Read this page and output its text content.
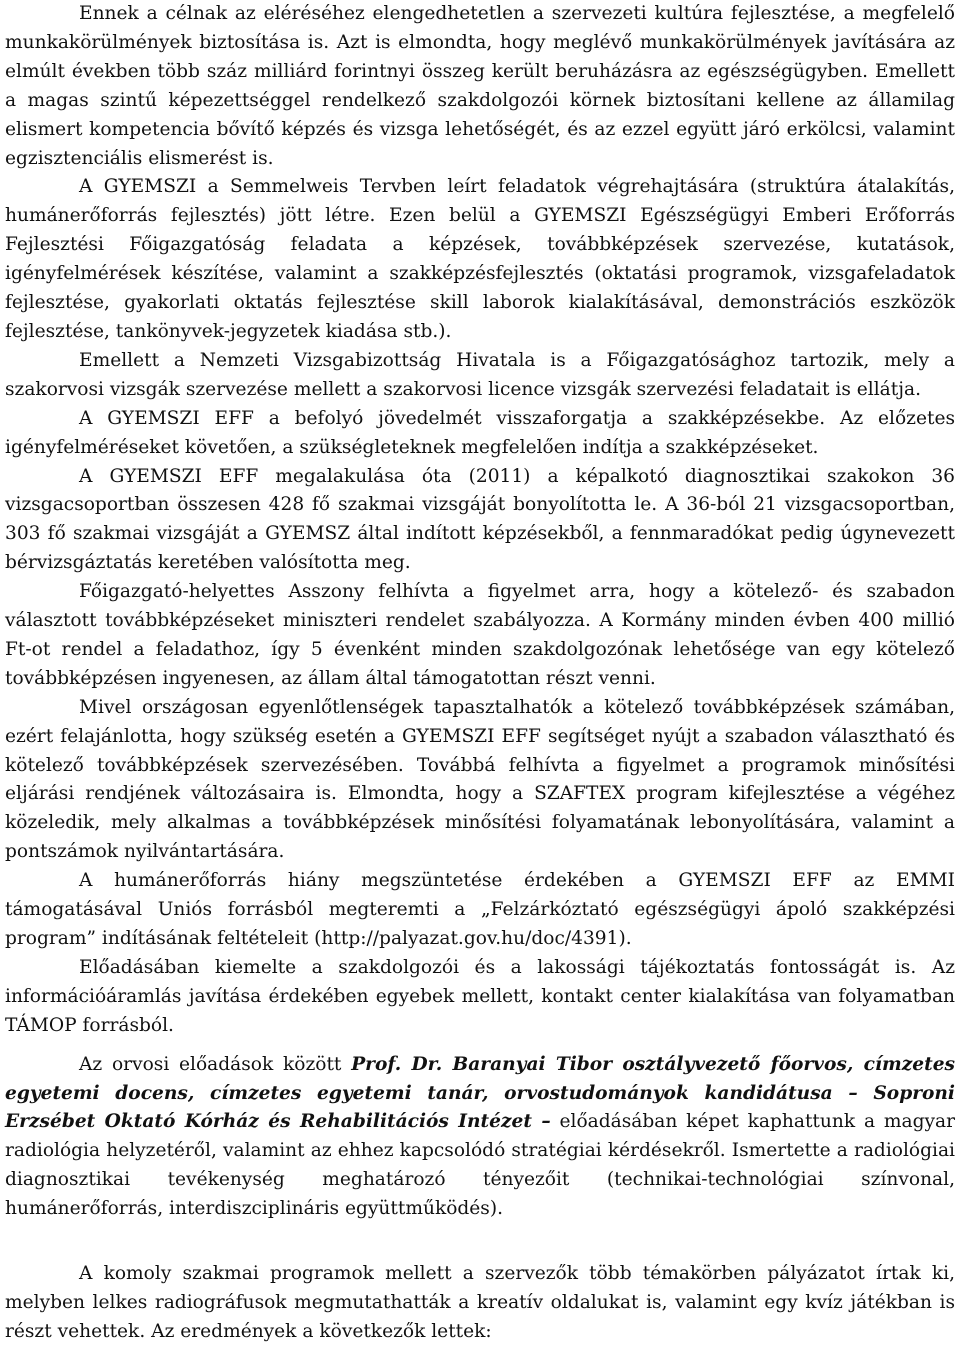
Ennek a célnak az eléréséhez elengedhetetlen a szervezeti kultúra fejlesztése, a megfelelő munkakörülmények biztosítása is. Azt is elmondta, hogy meglévő munkakörülmények javítására az elmúlt években több száz milliárd forintnyi összeg került beruházásra az egészségügyben. Emellett a magas szintű képezettséggel rendelkező szakdolgozói körnek biztosítani kellene az államilag elismert kompetencia bővítő képzés és vizsga lehetőségét, és az ezzel együtt járó erkölcsi, valamint egzisztenciális elismerést is.

A GYEMSZI a Semmelweis Tervben leírt feladatok végrehajtására (struktúra átalakítás, humánerőforrás fejlesztés) jött létre. Ezen belül a GYEMSZI Egészségügyi Emberi Erőforrás Fejlesztési Főigazgatóság feladata a képzések, továbbképzések szervezése, kutatások, igényfelmérések készítése, valamint a szakképzésfejlesztés (oktatási programok, vizsgafeladatok fejlesztése, gyakorlati oktatás fejlesztése skill laborok kialakításával, demonstrációs eszközök fejlesztése, tankönyvek-jegyzetek kiadása stb.).

Emellett a Nemzeti Vizsgabizottság Hivatala is a Főigazgatósághoz tartozik, mely a szakorvosi vizsgák szervezése mellett a szakorvosi licence vizsgák szervezési feladatait is ellátja.

A GYEMSZI EFF a befolyó jövedelmét visszaforgatja a szakképzésekbe. Az előzetes igényfelméréseket követően, a szükségleteknek megfelelően indítja a szakképzéseket.

A GYEMSZI EFF megalakulása óta (2011) a képalkotó diagnosztikai szakokon 36 vizsgacsoportban összesen 428 fő szakmai vizsgáját bonyolította le. A 36-ból 21 vizsgacsoportban, 303 fő szakmai vizsgáját a GYEMSZ által indított képzésekből, a fennmaradókat pedig úgynevezett bérvizsgáztatás keretében valósította meg.

Főigazgató-helyettes Asszony felhívta a figyelmet arra, hogy a kötelező- és szabadon választott továbbképzéseket miniszteri rendelet szabályozza. A Kormány minden évben 400 millió Ft-ot rendel a feladathoz, így 5 évenként minden szakdolgozónak lehetősége van egy kötelező továbbképzésen ingyenesen, az állam által támogatottan részt venni.

Mivel országosan egyenlőtlenségek tapasztalhatók a kötelező továbbképzések számában, ezért felajánlotta, hogy szükség esetén a GYEMSZI EFF segítséget nyújt a szabadon választható és kötelező továbbképzések szervezésében. Továbbá felhívta a figyelmet a programok minősítési eljárási rendjének változásaira is. Elmondta, hogy a SZAFTEX program kifejlesztése a végéhez közeledik, mely alkalmas a továbbképzések minősítési folyamatának lebonyolítására, valamint a pontszámok nyilvántartására.

A humánerőforrás hiány megszüntetése érdekében a GYEMSZI EFF az EMMI támogatásával Uniós forrásból megteremti a „Felzárkóztató egészségügyi ápoló szakképzési program” indításának feltételeit (http://palyazat.gov.hu/doc/4391).

Előadásában kiemelte a szakdolgozói és a lakossági tájékoztatás fontosságát is. Az információáramlás javítása érdekében egyebek mellett, kontakt center kialakítása van folyamatban TÁMOP forrásból.

Az orvosi előadások között Prof. Dr. Baranyai Tibor osztályvezető főorvos, címzetes egyetemi docens, címzetes egyetemi tanár, orvostudományok kandidátusa – Soproni Erzsébet Oktató Kórház és Rehabilitációs Intézet – előadásában képet kaphattunk a magyar radiológia helyzetéről, valamint az ehhez kapcsolódó stratégiai kérdésekről. Ismertette a radiológiai diagnosztikai tevékenység meghatározó tényezőit (technikai-technológiai színvonal, humánerőforrás, interdiszciplináris együttműködés).

A komoly szakmai programok mellett a szervezők több témakörben pályázatot írtak ki, melyben lelkes radiográfusok megmutathatták a kreatív oldalukat is, valamint egy kvíz játékban is részt vehettek. Az eredmények a következők lettek:
